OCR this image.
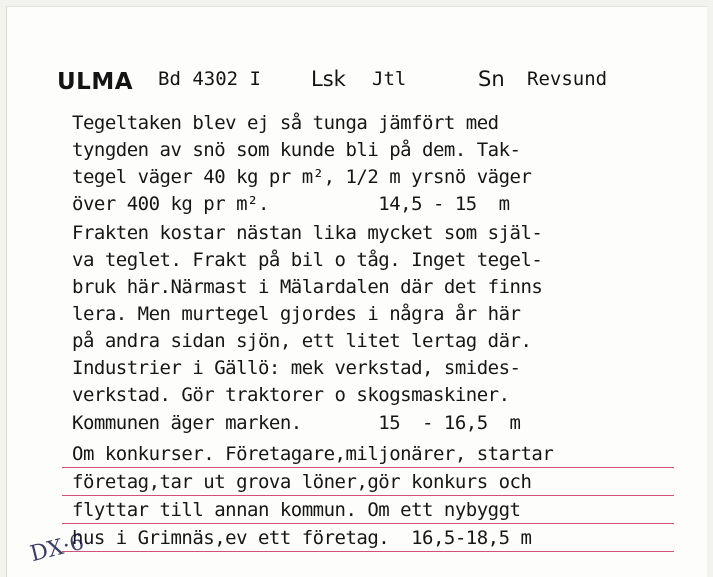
ULMA Bd 4302 I Lsk Jtl	Sn Revsund
Tegeltaken blev ej så tunga jämfört med
tyngden av snö som kunde bli på dem. Tak-
tegel väger 40 kg pr m², 1/2 m yrsnö väger
över 400 kg pr m².          14,5 - 15  m
Frakten kostar nästan lika mycket som själ-
va teglet. Frakt på bil o tåg. Inget tegel-
bruk här.Närmast i Mälardalen där det finns
lera. Men murtegel gjordes i några år här
på andra sidan sjön, ett litet lertag där.
Industrier i Gällö: mek verkstad, smides-
verkstad. Gör traktorer o skogsmaskiner.
Kommunen äger marken.       15  - 16,5  m
Om konkurser. Företagare,miljonärer, startar
företag,tar ut grova löner,gör konkurs och
flyttar till annan kommun. Om ett nybyggt
hus i Grimnäs,ev ett företag.  16,5-18,5 m
DX·6
